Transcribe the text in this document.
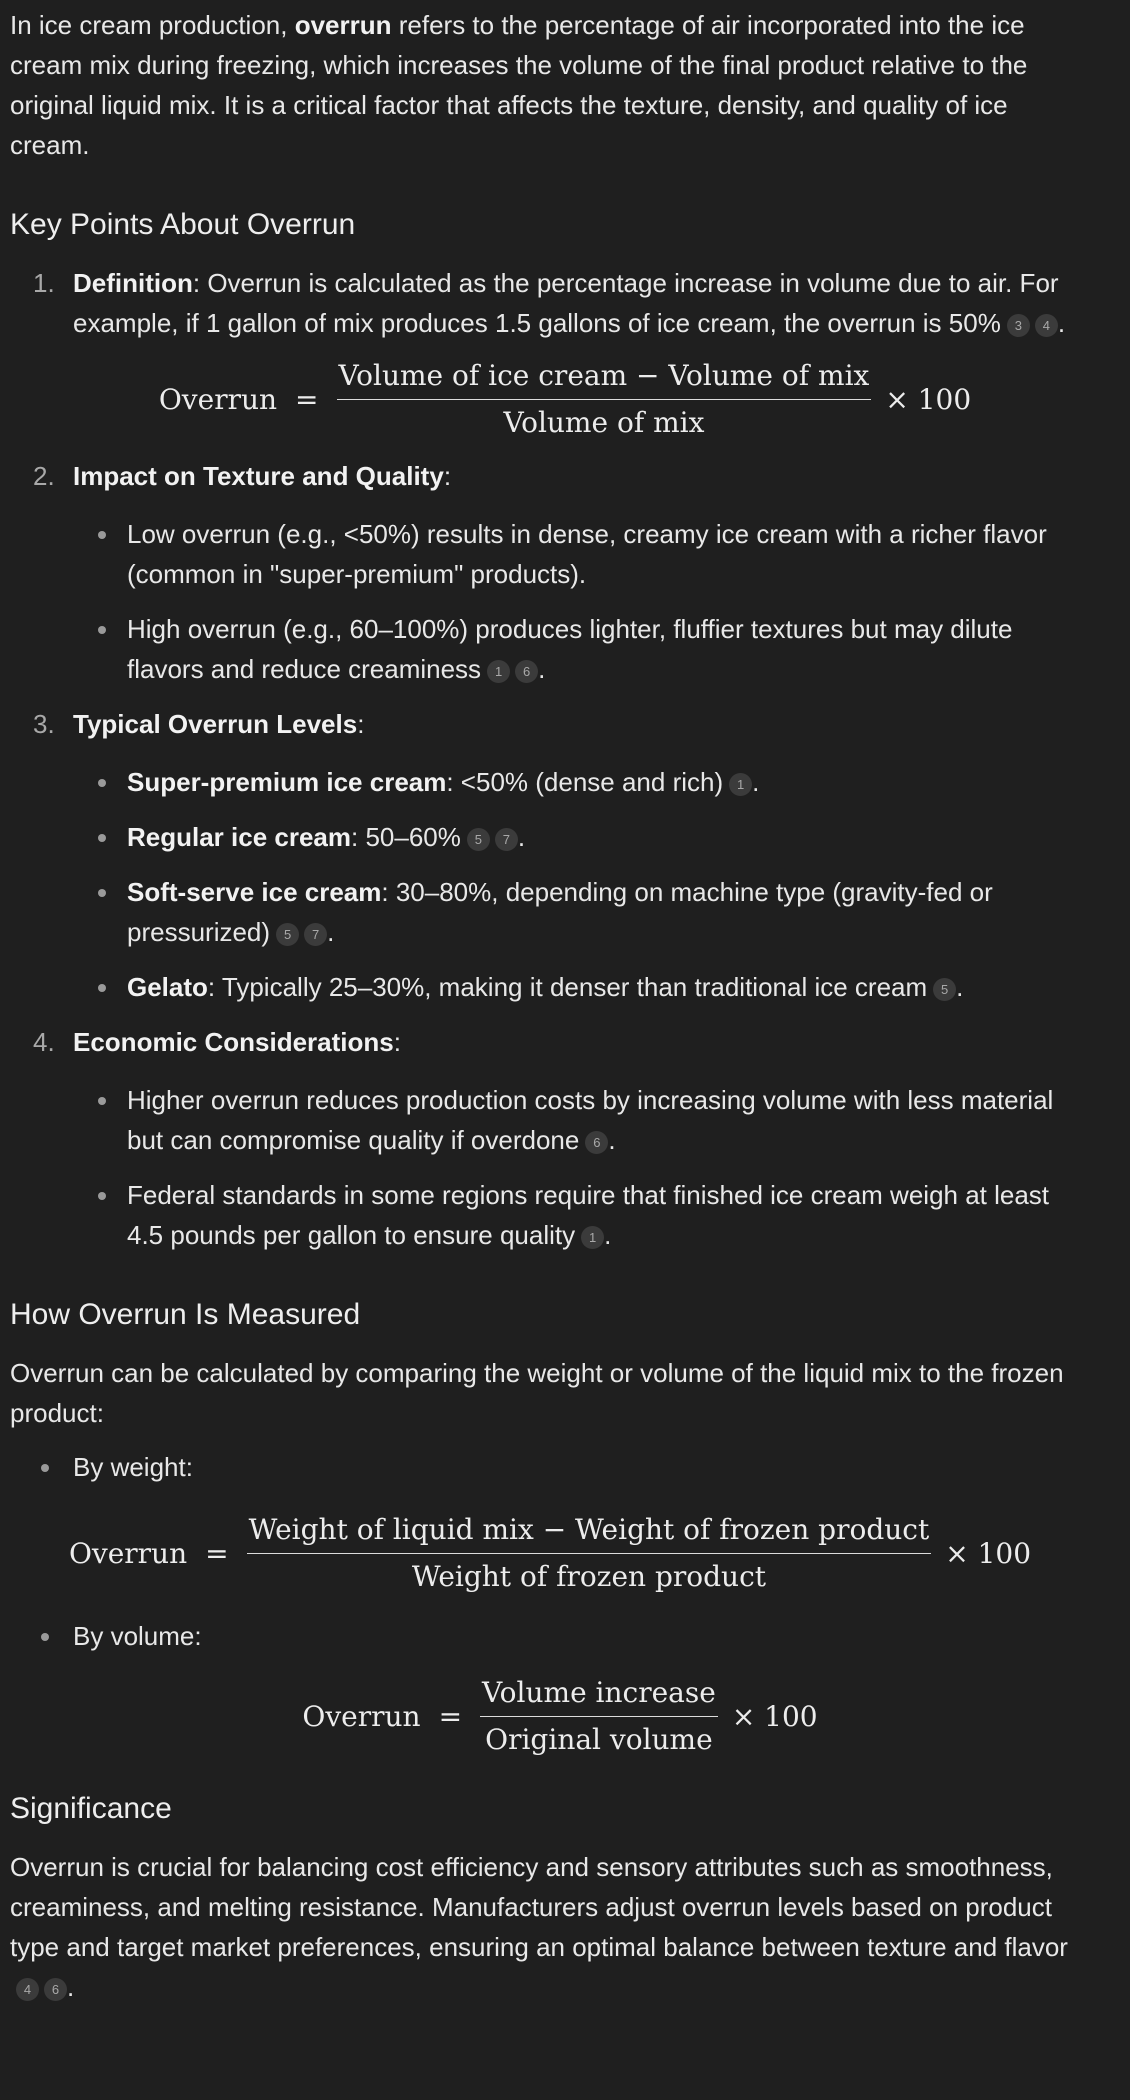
In ice cream production, overrun refers to the percentage of air incorporated into the ice cream mix during freezing, which increases the volume of the final product relative to the original liquid mix. It is a critical factor that affects the texture, density, and quality of ice cream.

Key Points About Overrun
1. Definition: Overrun is calculated as the percentage increase in volume due to air. For example, if 1 gallon of mix produces 1.5 gallons of ice cream, the overrun is 50% 3 4 .
Overrun = $\frac{\text{Volume of ice cream − Volume of mix}}{\text{Volume of mix}} \times 100$
2. Impact on Texture and Quality:
Low overrun (e.g., <50%) results in dense, creamy ice cream with a richer flavor (common in "super-premium" products).
High overrun (e.g., 60–100%) produces lighter, fluffier textures but may dilute flavors and reduce creaminess 1 6 .
3. Typical Overrun Levels:
Super-premium ice cream: <50% (dense and rich) 1 .
Regular ice cream: 50–60% 5 7 .
Soft-serve ice cream: 30–80%, depending on machine type (gravity-fed or pressurized) 5 7 .
Gelato: Typically 25–30%, making it denser than traditional ice cream 5 .
4. Economic Considerations:
Higher overrun reduces production costs by increasing volume with less material but can compromise quality if overdone 6 .
Federal standards in some regions require that finished ice cream weigh at least 4.5 pounds per gallon to ensure quality 1 .
How Overrun Is Measured

Overrun can be calculated by comparing the weight or volume of the liquid mix to the frozen product:

By weight:
Overrun = $\frac{\text{Weight of liquid mix − Weight of frozen product}}{\text{Weight of frozen product}} \times 100$
By volume:
Overrun = $\frac{\text{Volume increase}}{\text{Original volume}} \times 100$
Significance

Overrun is crucial for balancing cost efficiency and sensory attributes such as smoothness, creaminess, and melting resistance. Manufacturers adjust overrun levels based on product type and target market preferences, ensuring an optimal balance between texture and flavor4 6 .
